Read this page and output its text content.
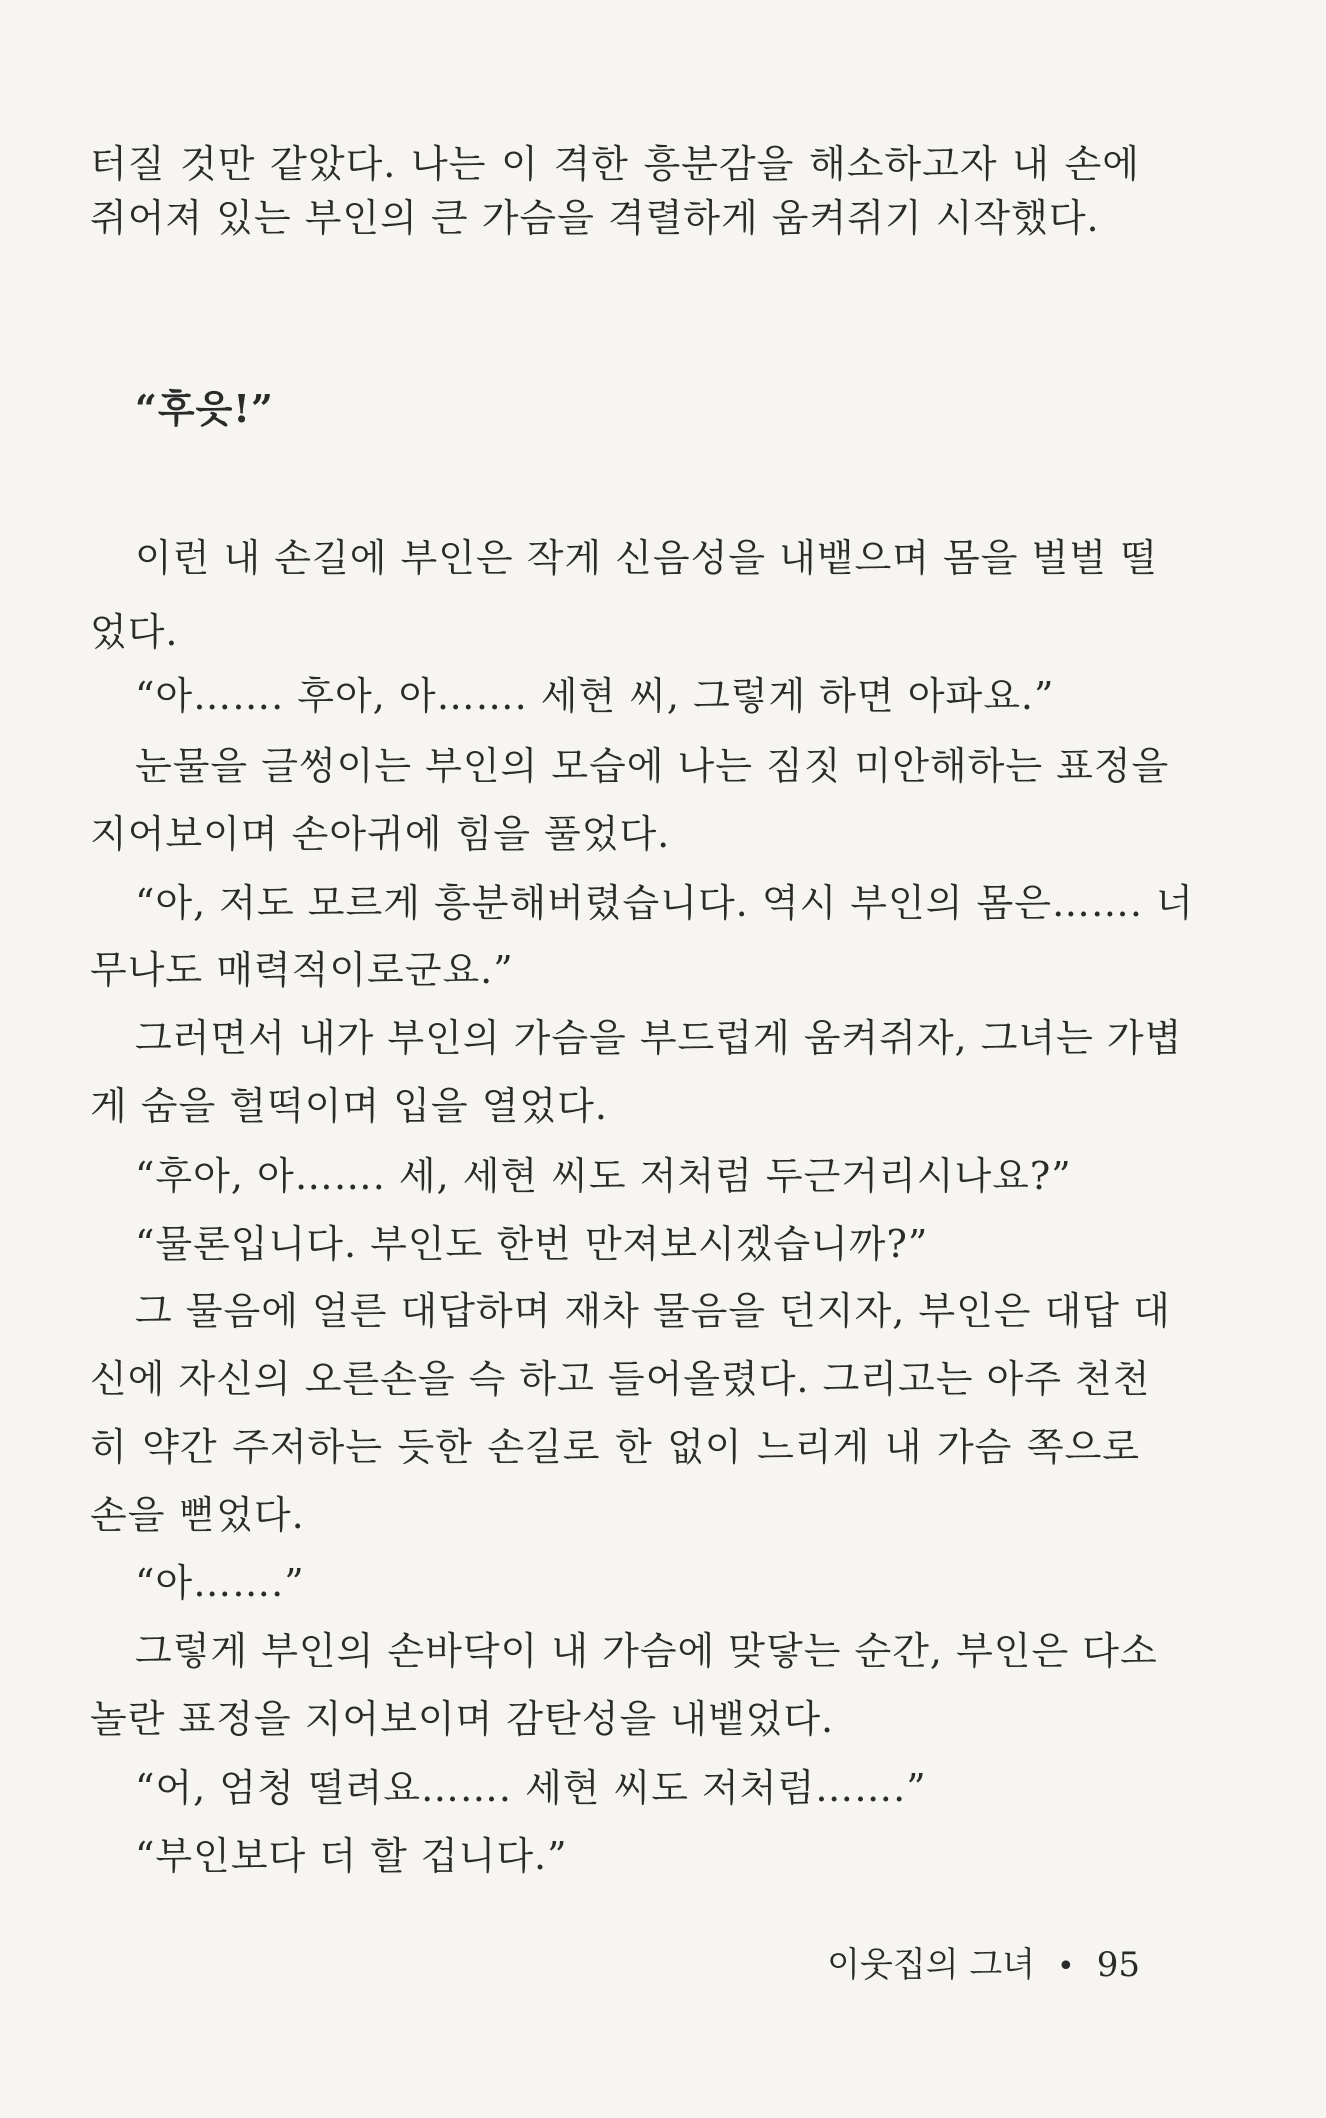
터질 것만 같았다. 나는 이 격한 흥분감을 해소하고자 내 손에
쥐어져 있는 부인의 큰 가슴을 격렬하게 움켜쥐기 시작했다.
“후읏!”
이런 내 손길에 부인은 작게 신음성을 내뱉으며 몸을 벌벌 떨
었다.
“아……. 후아, 아……. 세현 씨, 그렇게 하면 아파요.”
눈물을 글썽이는 부인의 모습에 나는 짐짓 미안해하는 표정을
지어보이며 손아귀에 힘을 풀었다.
“아, 저도 모르게 흥분해버렸습니다. 역시 부인의 몸은……. 너
무나도 매력적이로군요.”
그러면서 내가 부인의 가슴을 부드럽게 움켜쥐자, 그녀는 가볍
게 숨을 헐떡이며 입을 열었다.
“후아, 아……. 세, 세현 씨도 저처럼 두근거리시나요?”
“물론입니다. 부인도 한번 만져보시겠습니까?”
그 물음에 얼른 대답하며 재차 물음을 던지자, 부인은 대답 대
신에 자신의 오른손을 슥 하고 들어올렸다. 그리고는 아주 천천
히 약간 주저하는 듯한 손길로 한 없이 느리게 내 가슴 쪽으로
손을 뻗었다.
“아…….”
그렇게 부인의 손바닥이 내 가슴에 맞닿는 순간, 부인은 다소
놀란 표정을 지어보이며 감탄성을 내뱉었다.
“어, 엄청 떨려요……. 세현 씨도 저처럼…….”
“부인보다 더 할 겁니다.”
이웃집의 그녀 • 95
